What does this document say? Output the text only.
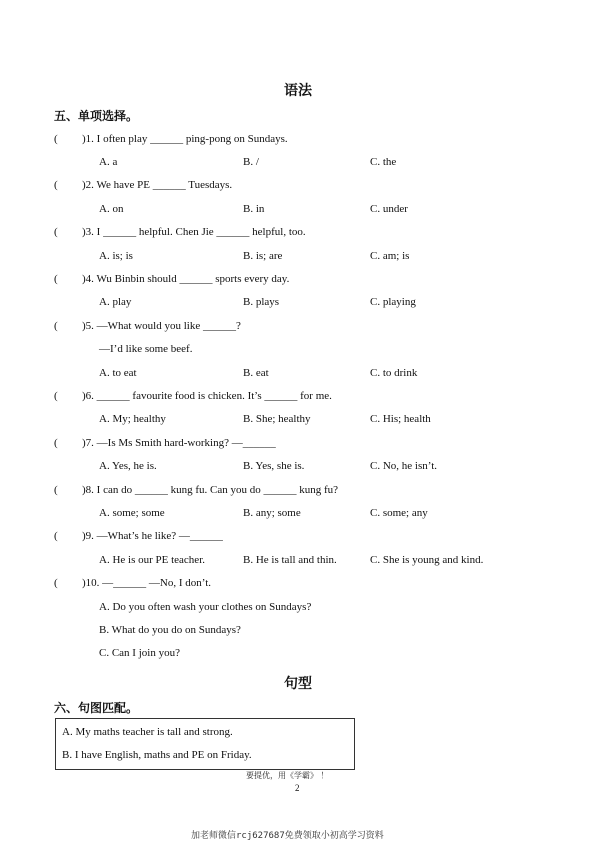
语法
五、单项选择。
( )1. I often play ______ ping-pong on Sundays.
A. a	B. /	C. the
( )2. We have PE ______ Tuesdays.
A. on	B. in	C. under
( )3. I ______ helpful. Chen Jie ______ helpful, too.
A. is; is	B. is; are	C. am; is
( )4. Wu Binbin should ______ sports every day.
A. play	B. plays	C. playing
( )5. —What would you like ______?
—I’d like some beef.
A. to eat	B. eat	C. to drink
( )6. ______ favourite food is chicken. It’s ______ for me.
A. My; healthy	B. She; healthy	C. His; health
( )7. —Is Ms Smith hard-working? —______
A. Yes, he is.	B. Yes, she is.	C. No, he isn’t.
( )8. I can do ______ kung fu. Can you do ______ kung fu?
A. some; some	B. any; some	C. some; any
( )9. —What’s he like? —______
A. He is our PE teacher.	B. He is tall and thin.	C. She is young and kind.
( )10. —______ —No, I don’t.
A. Do you often wash your clothes on Sundays?
B. What do you do on Sundays?
C. Can I join you?
句型
六、句图匹配。
A. My maths teacher is tall and strong.
B. I have English, maths and PE on Friday.
要提优，用《学霸》 ！
2
加老师微信rcj627687免费领取小初高学习资料
